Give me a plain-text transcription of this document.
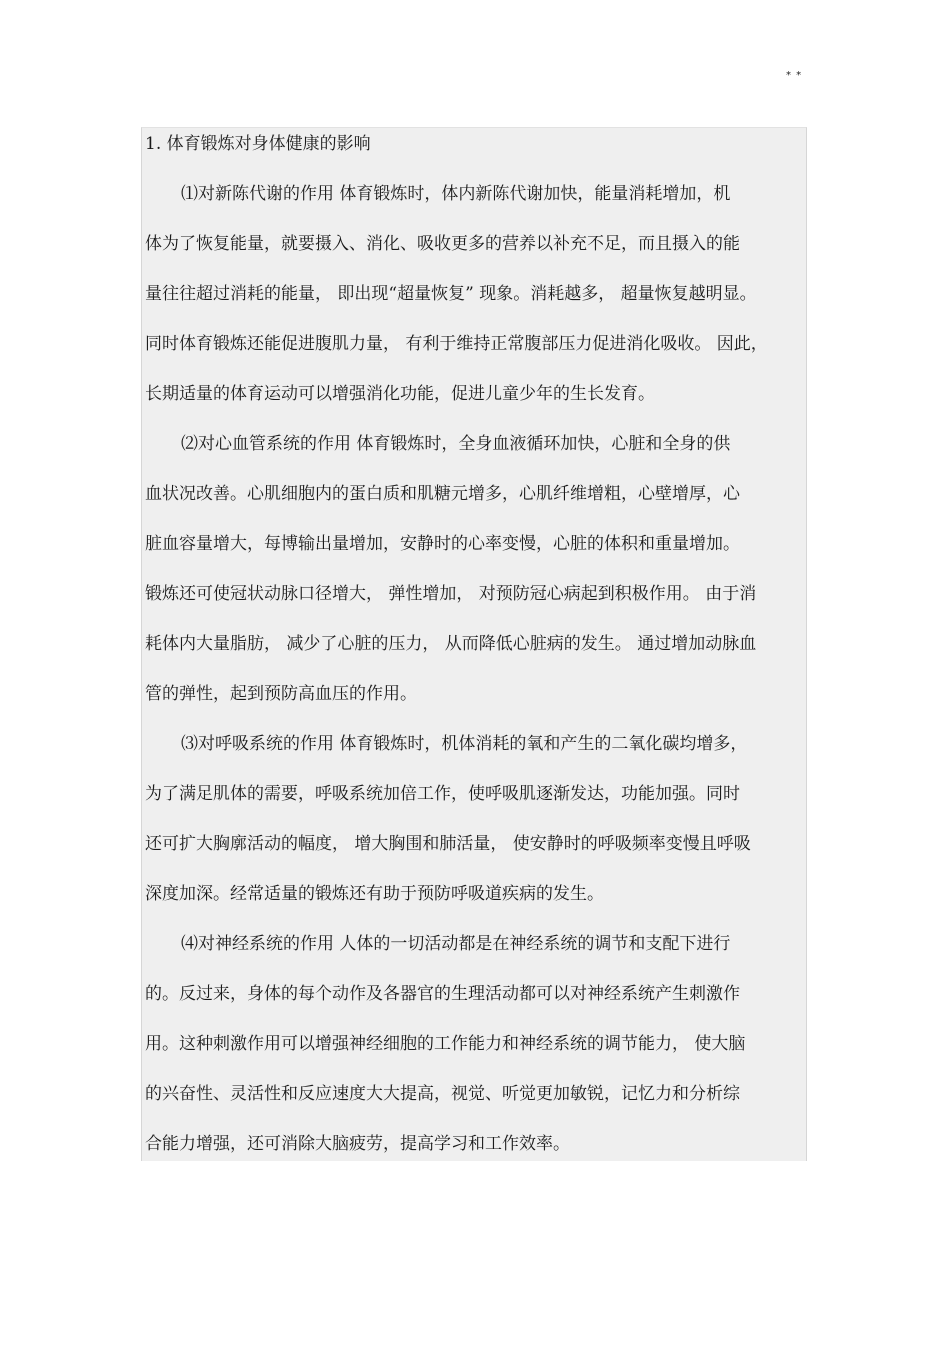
* *
1. 体育锻炼对身体健康的影响
⑴对新陈代谢的作用 体育锻炼时，体内新陈代谢加快，能量消耗增加，机
体为了恢复能量，就要摄入、消化、吸收更多的营养以补充不足，而且摄入的能
量往往超过消耗的能量， 即出现“超量恢复” 现象。消耗越多， 超量恢复越明显。
同时体育锻炼还能促进腹肌力量， 有利于维持正常腹部压力促进消化吸收。 因此，
长期适量的体育运动可以增强消化功能，促进儿童少年的生长发育。
⑵对心血管系统的作用 体育锻炼时，全身血液循环加快，心脏和全身的供
血状况改善。心肌细胞内的蛋白质和肌糖元增多，心肌纤维增粗，心壁增厚，心
脏血容量增大，每博输出量增加，安静时的心率变慢，心脏的体积和重量增加。
锻炼还可使冠状动脉口径增大， 弹性增加， 对预防冠心病起到积极作用。 由于消
耗体内大量脂肪， 减少了心脏的压力， 从而降低心脏病的发生。 通过增加动脉血
管的弹性，起到预防高血压的作用。
⑶对呼吸系统的作用 体育锻炼时，机体消耗的氧和产生的二氧化碳均增多，
为了满足肌体的需要，呼吸系统加倍工作，使呼吸肌逐渐发达，功能加强。同时
还可扩大胸廓活动的幅度， 增大胸围和肺活量， 使安静时的呼吸频率变慢且呼吸
深度加深。经常适量的锻炼还有助于预防呼吸道疾病的发生。
⑷对神经系统的作用 人体的一切活动都是在神经系统的调节和支配下进行
的。反过来，身体的每个动作及各器官的生理活动都可以对神经系统产生刺激作
用。这种刺激作用可以增强神经细胞的工作能力和神经系统的调节能力， 使大脑
的兴奋性、灵活性和反应速度大大提高，视觉、听觉更加敏锐，记忆力和分析综
合能力增强，还可消除大脑疲劳，提高学习和工作效率。
